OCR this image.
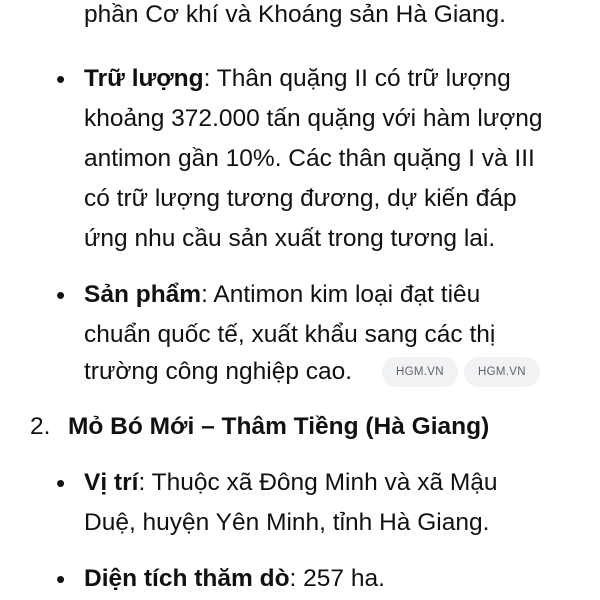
phần Cơ khí và Khoáng sản Hà Giang.
• Trữ lượng: Thân quặng II có trữ lượng
khoảng 372.000 tấn quặng với hàm lượng
antimon gần 10%. Các thân quặng I và III
có trữ lượng tương đương, dự kiến đáp
ứng nhu cầu sản xuất trong tương lai.
• Sản phẩm: Antimon kim loại đạt tiêu
chuẩn quốc tế, xuất khẩu sang các thị
trường công nghiệp cao.	HGM.VN	HGM.VN
2. Mỏ Bó Mới – Thâm Tiềng (Hà Giang)
• Vị trí: Thuộc xã Đông Minh và xã Mậu
Duệ, huyện Yên Minh, tỉnh Hà Giang.
• Diện tích thăm dò: 257 ha.
